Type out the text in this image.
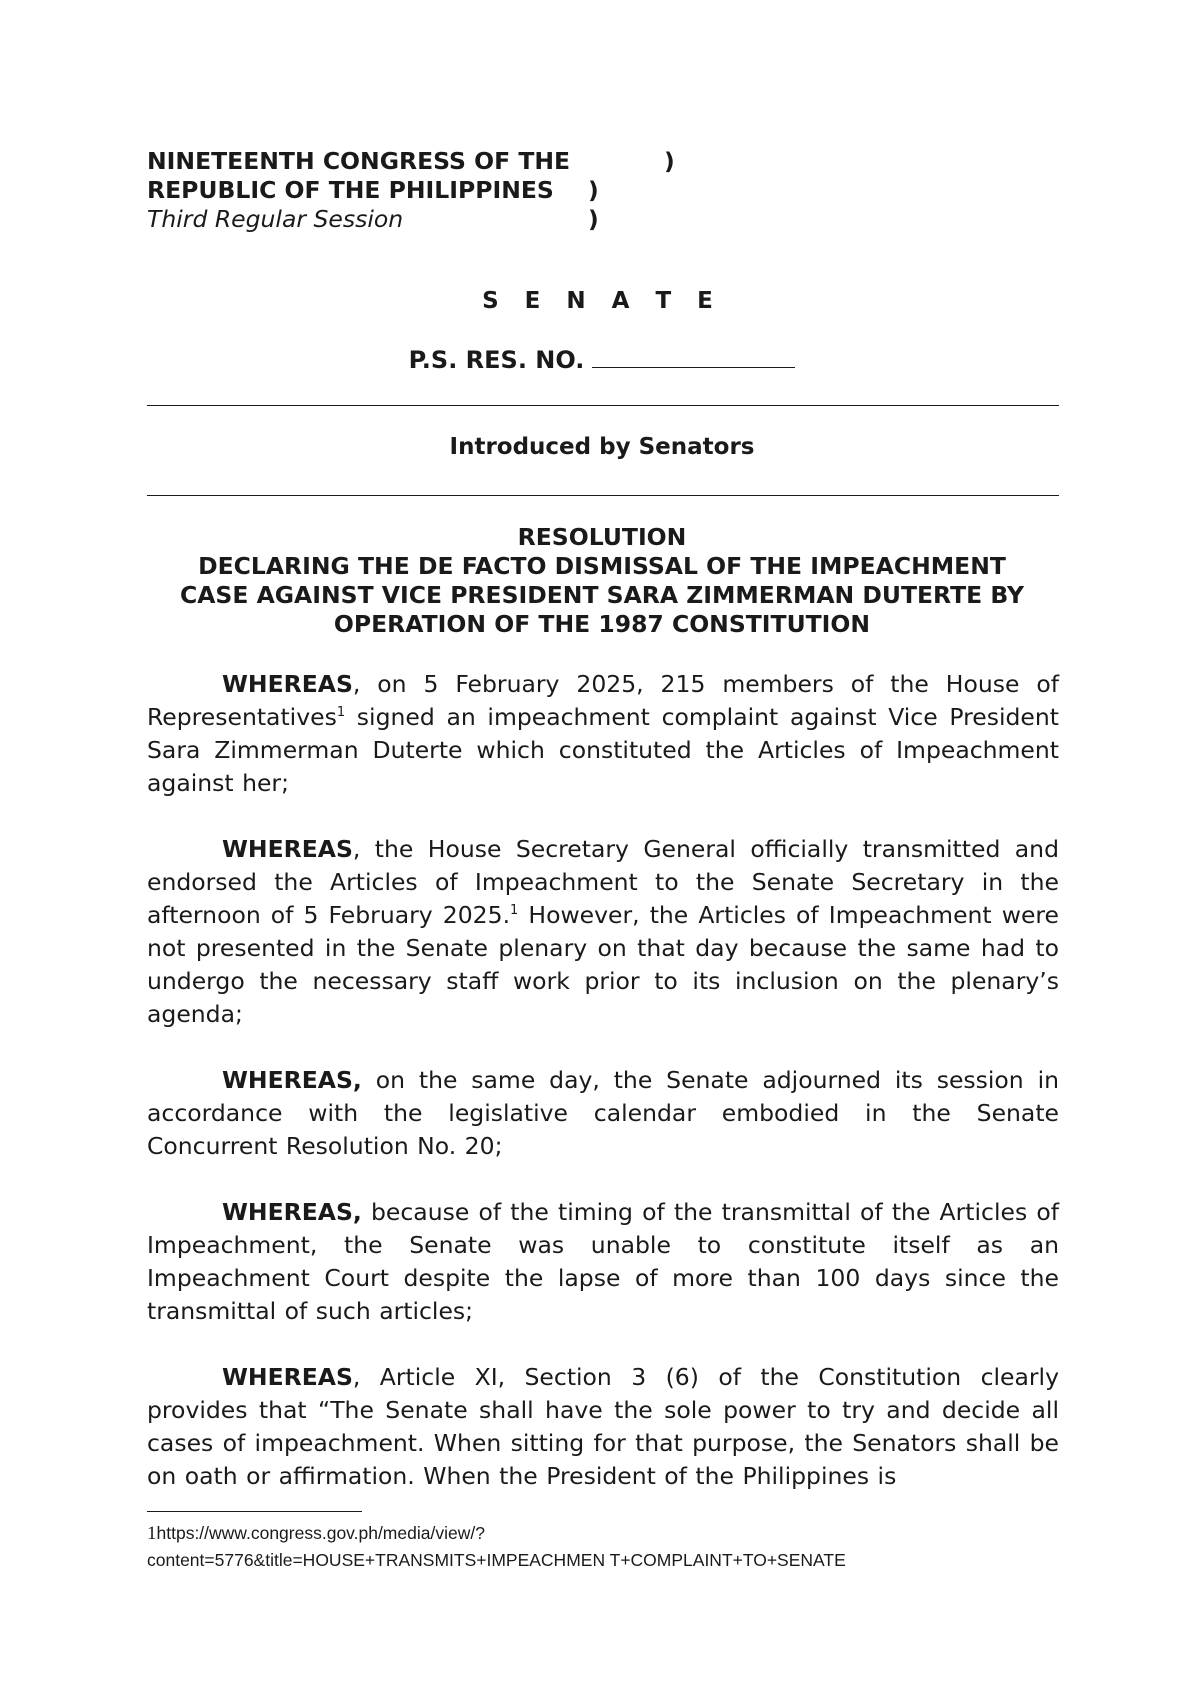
NINETEENTH CONGRESS OF THE	)
REPUBLIC OF THE PHILIPPINES )
Third Regular Session	)
S E N A T E
P.S. RES. NO.
Introduced by Senators
RESOLUTION
DECLARING THE DE FACTO DISMISSAL OF THE IMPEACHMENT
CASE AGAINST VICE PRESIDENT SARA ZIMMERMAN DUTERTE BY
OPERATION OF THE 1987 CONSTITUTION

WHEREAS, on 5 February 2025, 215 members of the House of Representatives$^1$ signed an impeachment complaint against Vice President Sara Zimmerman Duterte which constituted the Articles of Impeachment against her;

WHEREAS, the House Secretary General officially transmitted and endorsed the Articles of Impeachment to the Senate Secretary in the afternoon of 5 February 2025.$^1$ However, the Articles of Impeachment were not presented in the Senate plenary on that day because the same had to undergo the necessary staff work prior to its inclusion on the plenary’s agenda;

WHEREAS, on the same day, the Senate adjourned its session in accordance with the legislative calendar embodied in the Senate Concurrent Resolution No. 20;

WHEREAS, because of the timing of the transmittal of the Articles of Impeachment, the Senate was unable to constitute itself as an Impeachment Court despite the lapse of more than 100 days since the transmittal of such articles;

WHEREAS, Article XI, Section 3 (6) of the Constitution clearly provides that “The Senate shall have the sole power to try and decide all cases of impeachment. When sitting for that purpose, the Senators shall be on oath or affirmation. When the President of the Philippines is

1https://www.congress.gov.ph/media/view/?
content=5776&title=HOUSE+TRANSMITS+IMPEACHMEN T+COMPLAINT+TO+SENATE
